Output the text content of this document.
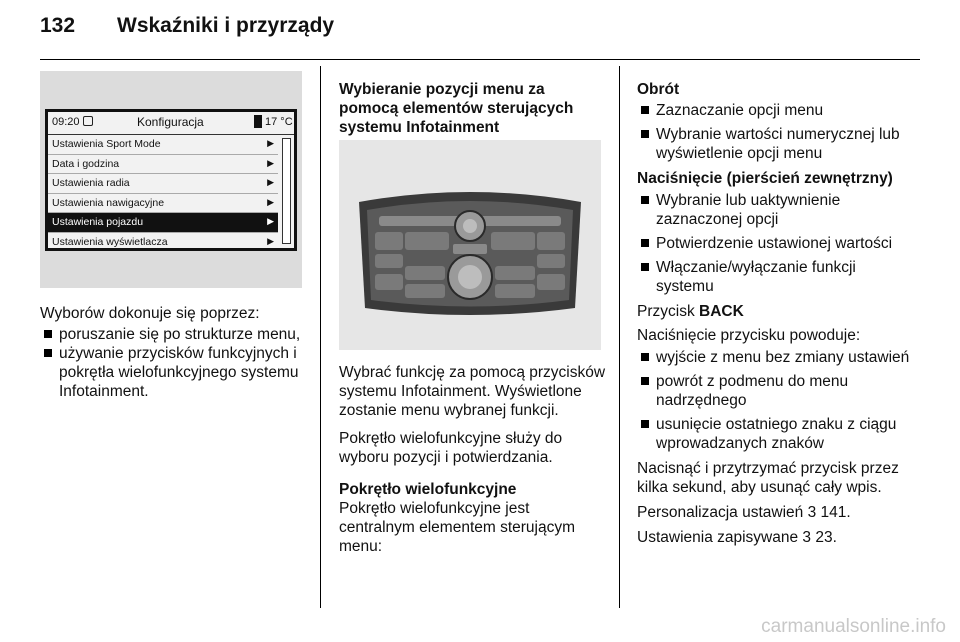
132 Wskaźniki i przyrządy
09:20	Konfiguracja	17 °C
Ustawienia Sport Mode	▶
Data i godzina	▶
Ustawienia radia	▶
Ustawienia nawigacyjne	▶
Ustawienia pojazdu	▶
Ustawienia wyświetlacza	▶

Wyborów dokonuje się poprzez:

poruszanie się po strukturze menu,
używanie przycisków funkcyjnych i pokrętła wielofunkcyjnego systemu Infotainment.
Wybieranie pozycji menu za pomocą elementów sterujących systemu Infotainment

Wybrać funkcję za pomocą przycisków systemu Infotainment. Wyświetlone zostanie menu wybranej funkcji.

Pokrętło wielofunkcyjne służy do wyboru pozycji i potwierdzania.

Pokrętło wielofunkcyjne

Pokrętło wielofunkcyjne jest centralnym elementem sterującym menu:

Obrót

Zaznaczanie opcji menu
Wybranie wartości numerycznej lub wyświetlenie opcji menu

Naciśnięcie (pierścień zewnętrzny)

Wybranie lub uaktywnienie zaznaczonej opcji
Potwierdzenie ustawionej wartości
Włączanie/wyłączanie funkcji systemu

Przycisk BACK

Naciśnięcie przycisku powoduje:

wyjście z menu bez zmiany ustawień
powrót z podmenu do menu nadrzędnego
usunięcie ostatniego znaku z ciągu wprowadzanych znaków

Nacisnąć i przytrzymać przycisk przez kilka sekund, aby usunąć cały wpis.

Personalizacja ustawień 3 141.

Ustawienia zapisywane 3 23.

carmanualsonline.info
